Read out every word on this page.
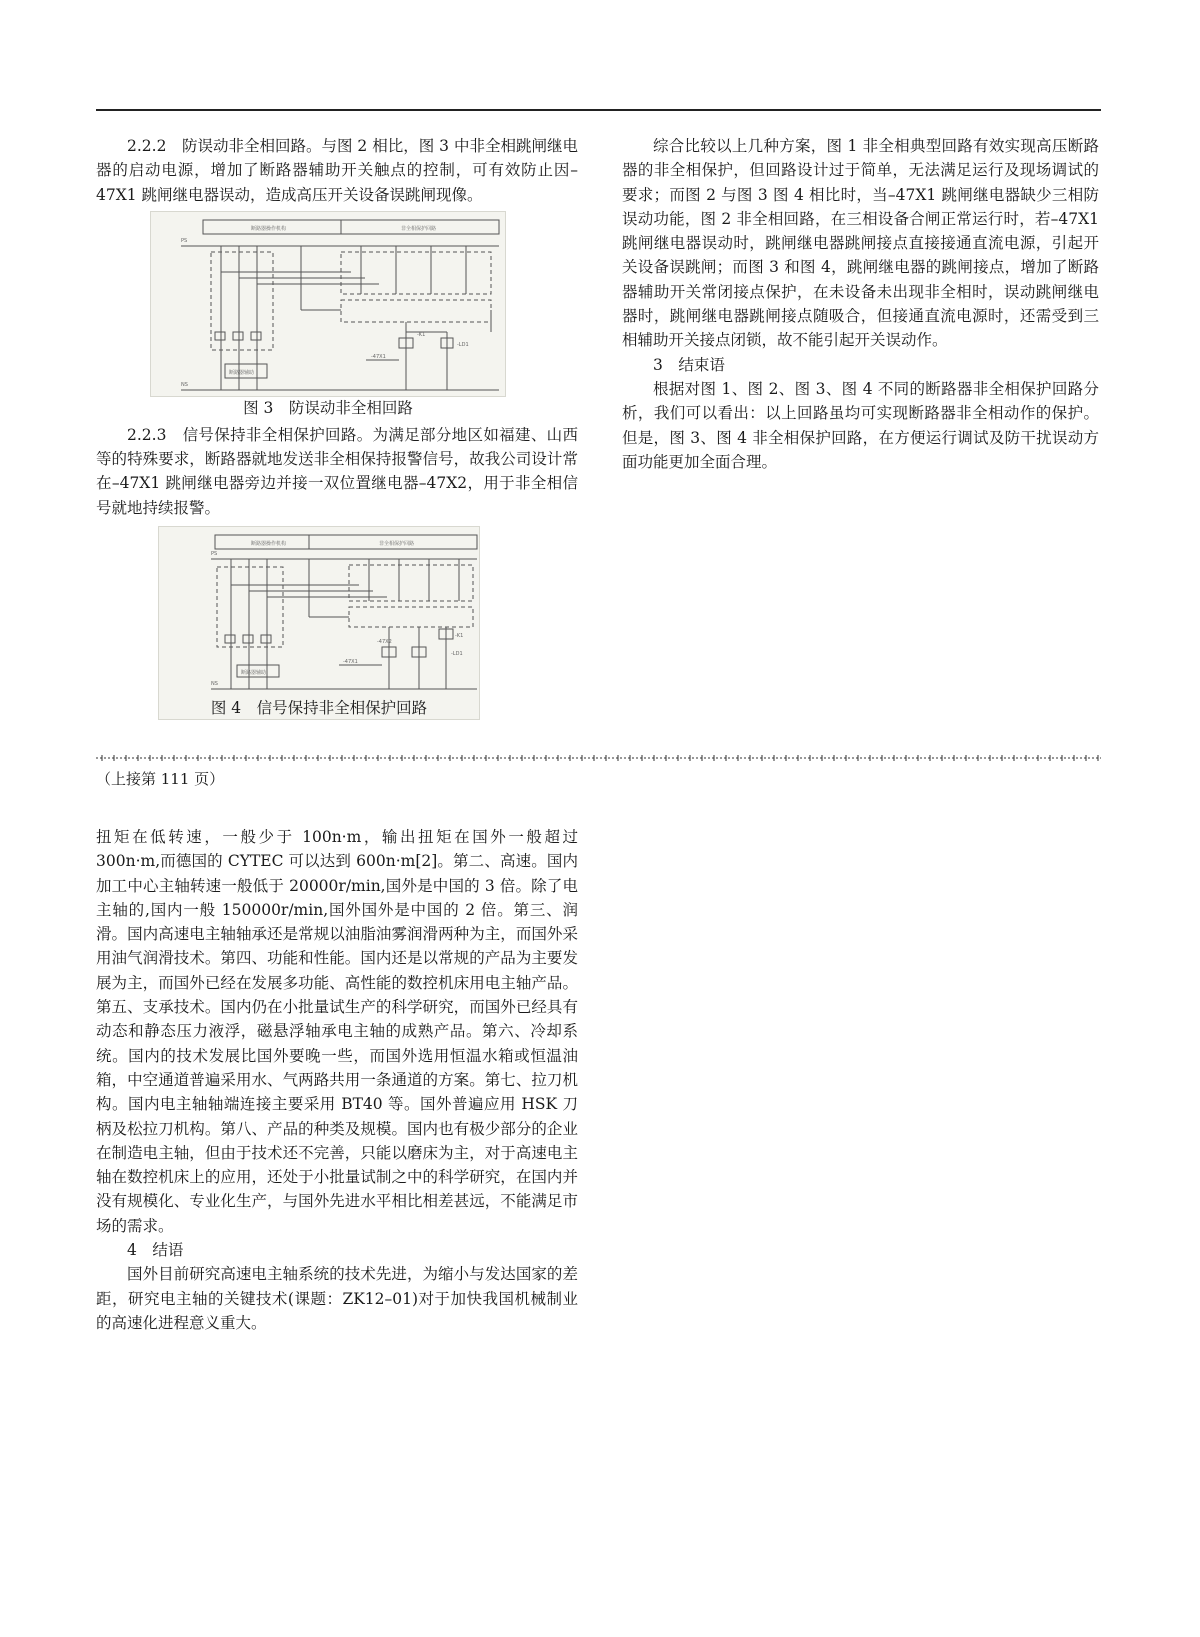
2.2.2　防误动非全相回路。与图 2 相比，图 3 中非全相跳闸继电器的启动电源，增加了断路器辅助开关触点的控制，可有效防止因–47X1 跳闸继电器误动，造成高压开关设备误跳闸现像。

断路器操作机构	非全相保护回路
PS
NS
-K1
-47X1
-LD1
断路器辅助
图 3　防误动非全相回路

2.2.3　信号保持非全相保护回路。为满足部分地区如福建、山西等的特殊要求，断路器就地发送非全相保持报警信号，故我公司设计常在–47X1 跳闸继电器旁边并接一双位置继电器–47X2，用于非全相信号就地持续报警。

断路器操作机构	非全相保护回路
PS
NS
-K1
-47X1
-47X2
-LD1
断路器辅助
图 4　信号保持非全相保护回路

综合比较以上几种方案，图 1 非全相典型回路有效实现高压断路器的非全相保护，但回路设计过于简单，无法满足运行及现场调试的要求；而图 2 与图 3 图 4 相比时，当–47X1 跳闸继电器缺少三相防误动功能，图 2 非全相回路，在三相设备合闸正常运行时，若–47X1 跳闸继电器误动时，跳闸继电器跳闸接点直接接通直流电源，引起开关设备误跳闸；而图 3 和图 4，跳闸继电器的跳闸接点，增加了断路器辅助开关常闭接点保护，在未设备未出现非全相时，误动跳闸继电器时，跳闸继电器跳闸接点随吸合，但接通直流电源时，还需受到三相辅助开关接点闭锁，故不能引起开关误动作。

3　结束语

根据对图 1、图 2、图 3、图 4 不同的断路器非全相保护回路分析，我们可以看出：以上回路虽均可实现断路器非全相动作的保护。但是，图 3、图 4 非全相保护回路，在方便运行调试及防干扰误动方面功能更加全面合理。

（上接第 111 页）

扭矩在低转速，一般少于 100n·m，输出扭矩在国外一般超过 300n·m,而德国的 CYTEC 可以达到 600n·m[2]。第二、高速。国内加工中心主轴转速一般低于 20000r/min,国外是中国的 3 倍。除了电主轴的,国内一般 150000r/min,国外国外是中国的 2 倍。第三、润滑。国内高速电主轴轴承还是常规以油脂油雾润滑两种为主，而国外采用油气润滑技术。第四、功能和性能。国内还是以常规的产品为主要发展为主，而国外已经在发展多功能、高性能的数控机床用电主轴产品。第五、支承技术。国内仍在小批量试生产的科学研究，而国外已经具有动态和静态压力液浮，磁悬浮轴承电主轴的成熟产品。第六、冷却系统。国内的技术发展比国外要晚一些，而国外选用恒温水箱或恒温油箱，中空通道普遍采用水、气两路共用一条通道的方案。第七、拉刀机构。国内电主轴轴端连接主要采用 BT40 等。国外普遍应用 HSK 刀柄及松拉刀机构。第八、产品的种类及规模。国内也有极少部分的企业在制造电主轴，但由于技术还不完善，只能以磨床为主，对于高速电主轴在数控机床上的应用，还处于小批量试制之中的科学研究，在国内并没有规模化、专业化生产，与国外先进水平相比相差甚远，不能满足市场的需求。

4　结语

国外目前研究高速电主轴系统的技术先进，为缩小与发达国家的差距，研究电主轴的关键技术(课题：ZK12–01)对于加快我国机械制业的高速化进程意义重大。
